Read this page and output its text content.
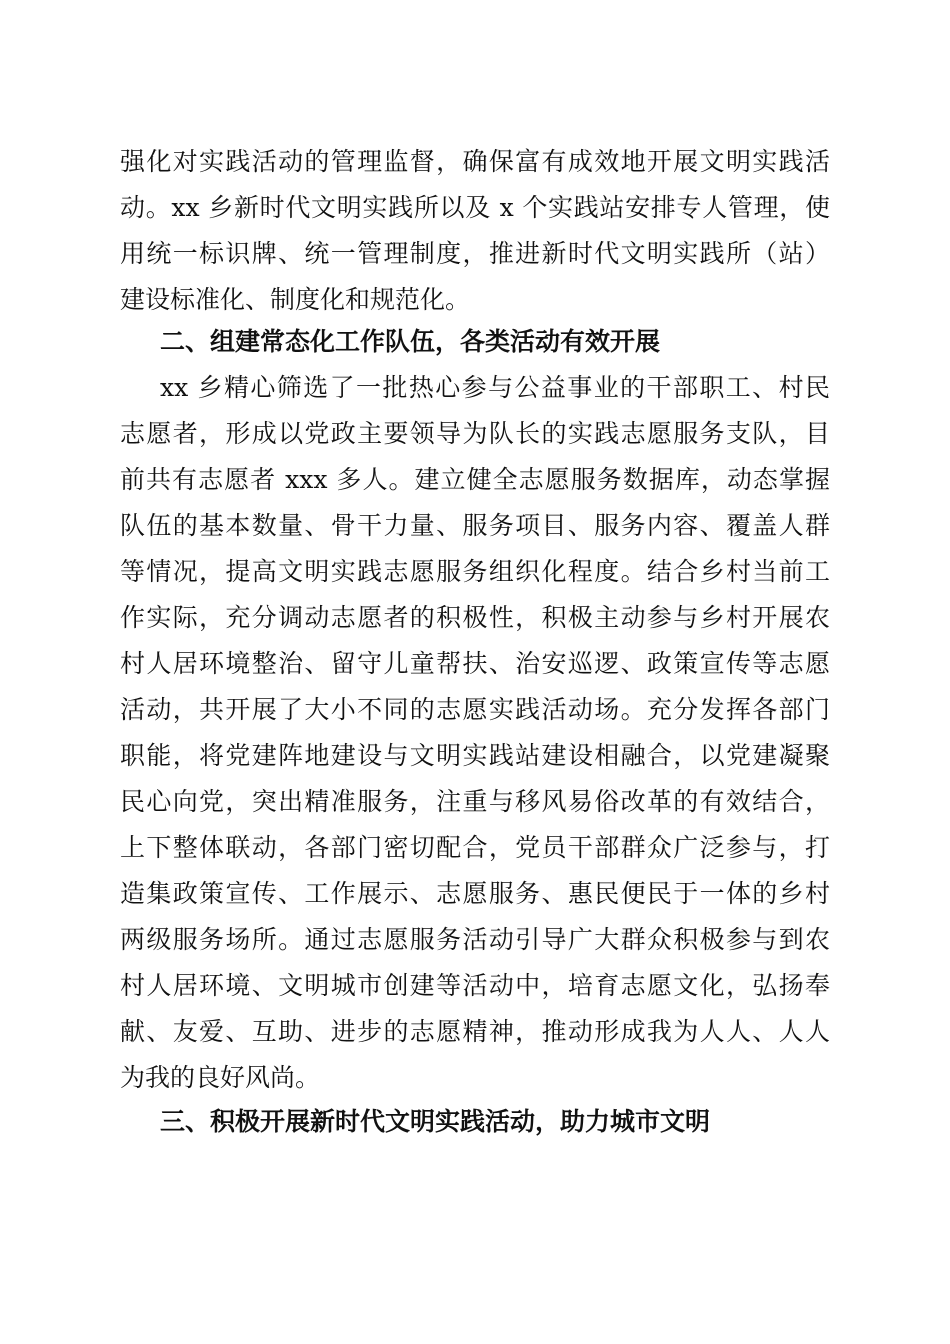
强化对实践活动的管理监督，确保富有成效地开展文明实践活
动。xx 乡新时代文明实践所以及 x 个实践站安排专人管理，使
用统一标识牌、统一管理制度，推进新时代文明实践所（站）
建设标准化、制度化和规范化。
二、组建常态化工作队伍，各类活动有效开展
xx 乡精心筛选了一批热心参与公益事业的干部职工、村民
志愿者，形成以党政主要领导为队长的实践志愿服务支队，目
前共有志愿者 xxx 多人。建立健全志愿服务数据库，动态掌握
队伍的基本数量、骨干力量、服务项目、服务内容、覆盖人群
等情况，提高文明实践志愿服务组织化程度。结合乡村当前工
作实际，充分调动志愿者的积极性，积极主动参与乡村开展农
村人居环境整治、留守儿童帮扶、治安巡逻、政策宣传等志愿
活动，共开展了大小不同的志愿实践活动场。充分发挥各部门
职能，将党建阵地建设与文明实践站建设相融合，以党建凝聚
民心向党，突出精准服务，注重与移风易俗改革的有效结合，
上下整体联动，各部门密切配合，党员干部群众广泛参与，打
造集政策宣传、工作展示、志愿服务、惠民便民于一体的乡村
两级服务场所。通过志愿服务活动引导广大群众积极参与到农
村人居环境、文明城市创建等活动中，培育志愿文化，弘扬奉
献、友爱、互助、进步的志愿精神，推动形成我为人人、人人
为我的良好风尚。
三、积极开展新时代文明实践活动，助力城市文明
